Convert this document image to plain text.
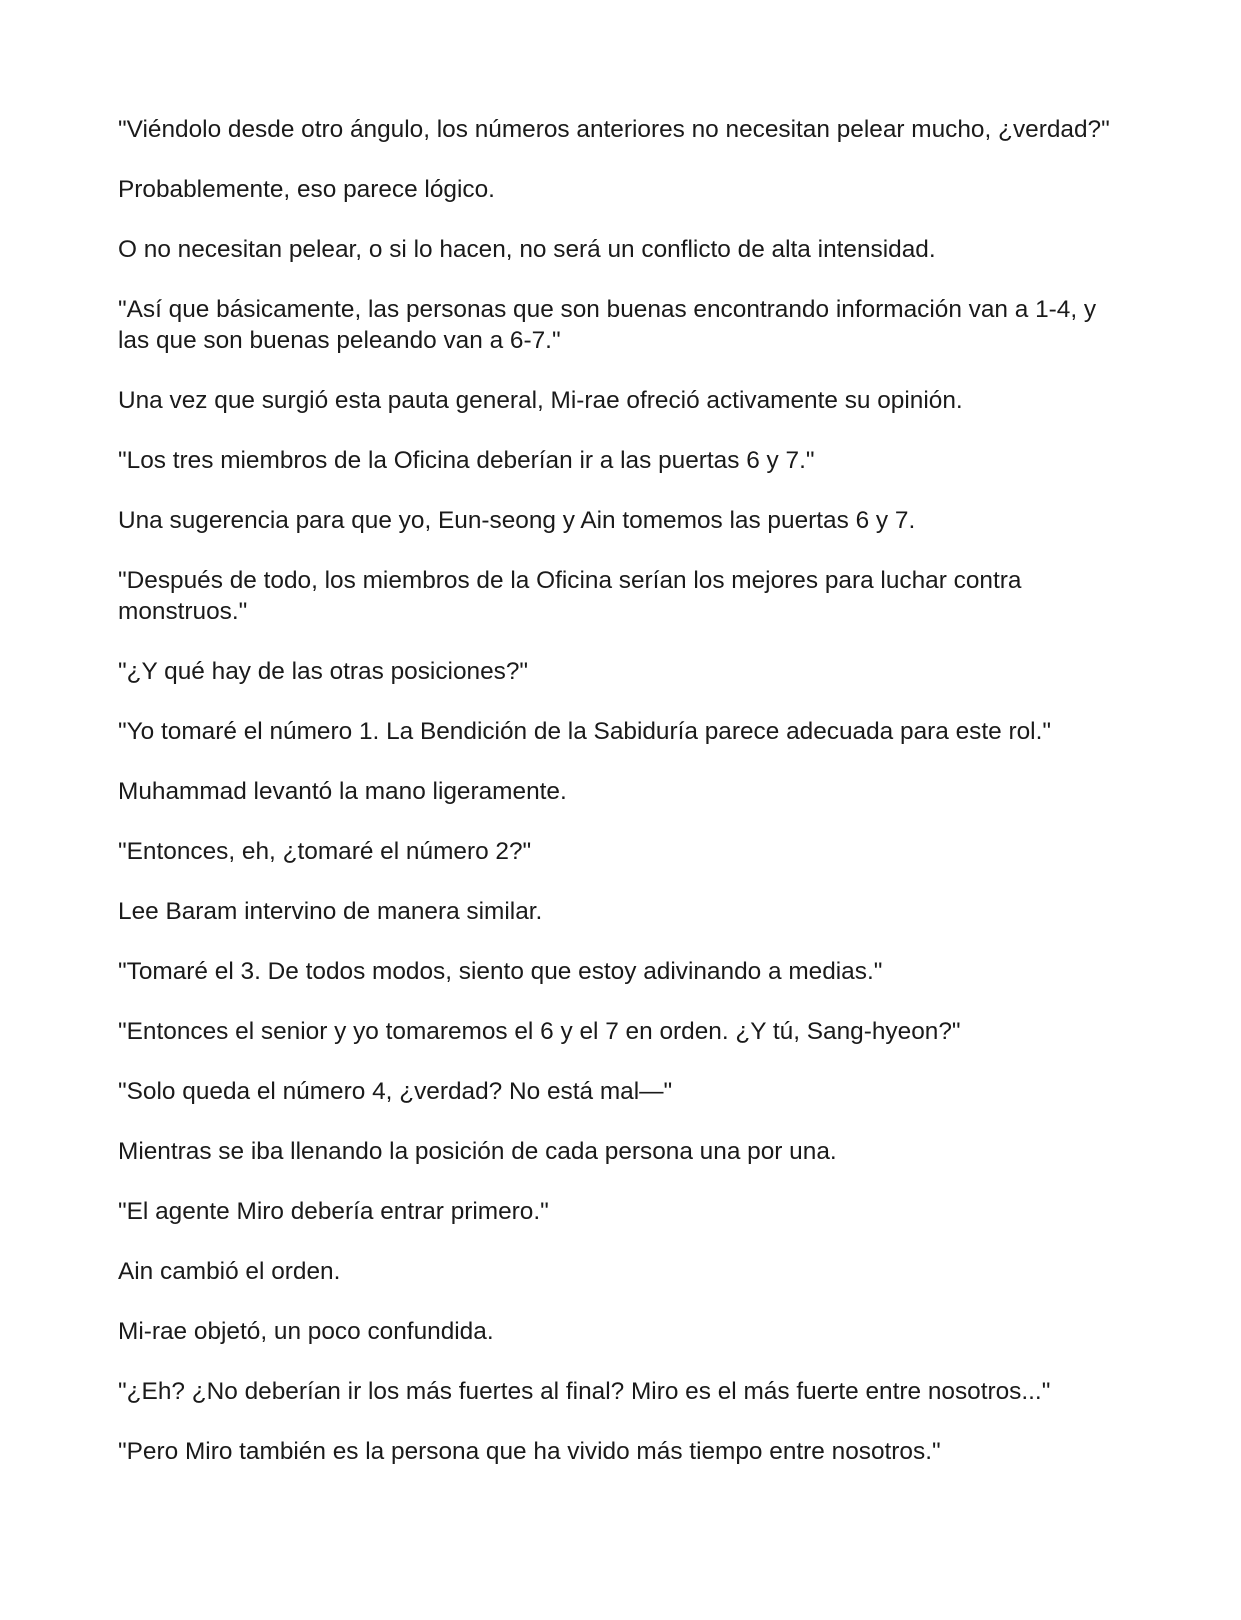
"Viéndolo desde otro ángulo, los números anteriores no necesitan pelear mucho, ¿verdad?"

Probablemente, eso parece lógico.

O no necesitan pelear, o si lo hacen, no será un conflicto de alta intensidad.

"Así que básicamente, las personas que son buenas encontrando información van a 1-4, y las que son buenas peleando van a 6-7."

Una vez que surgió esta pauta general, Mi-rae ofreció activamente su opinión.

"Los tres miembros de la Oficina deberían ir a las puertas 6 y 7."

Una sugerencia para que yo, Eun-seong y Ain tomemos las puertas 6 y 7.

"Después de todo, los miembros de la Oficina serían los mejores para luchar contra monstruos."

"¿Y qué hay de las otras posiciones?"

"Yo tomaré el número 1. La Bendición de la Sabiduría parece adecuada para este rol."

Muhammad levantó la mano ligeramente.

"Entonces, eh, ¿tomaré el número 2?"

Lee Baram intervino de manera similar.

"Tomaré el 3. De todos modos, siento que estoy adivinando a medias."

"Entonces el senior y yo tomaremos el 6 y el 7 en orden. ¿Y tú, Sang-hyeon?"

"Solo queda el número 4, ¿verdad? No está mal—"

Mientras se iba llenando la posición de cada persona una por una.

"El agente Miro debería entrar primero."

Ain cambió el orden.

Mi-rae objetó, un poco confundida.

"¿Eh? ¿No deberían ir los más fuertes al final? Miro es el más fuerte entre nosotros..."

"Pero Miro también es la persona que ha vivido más tiempo entre nosotros."
